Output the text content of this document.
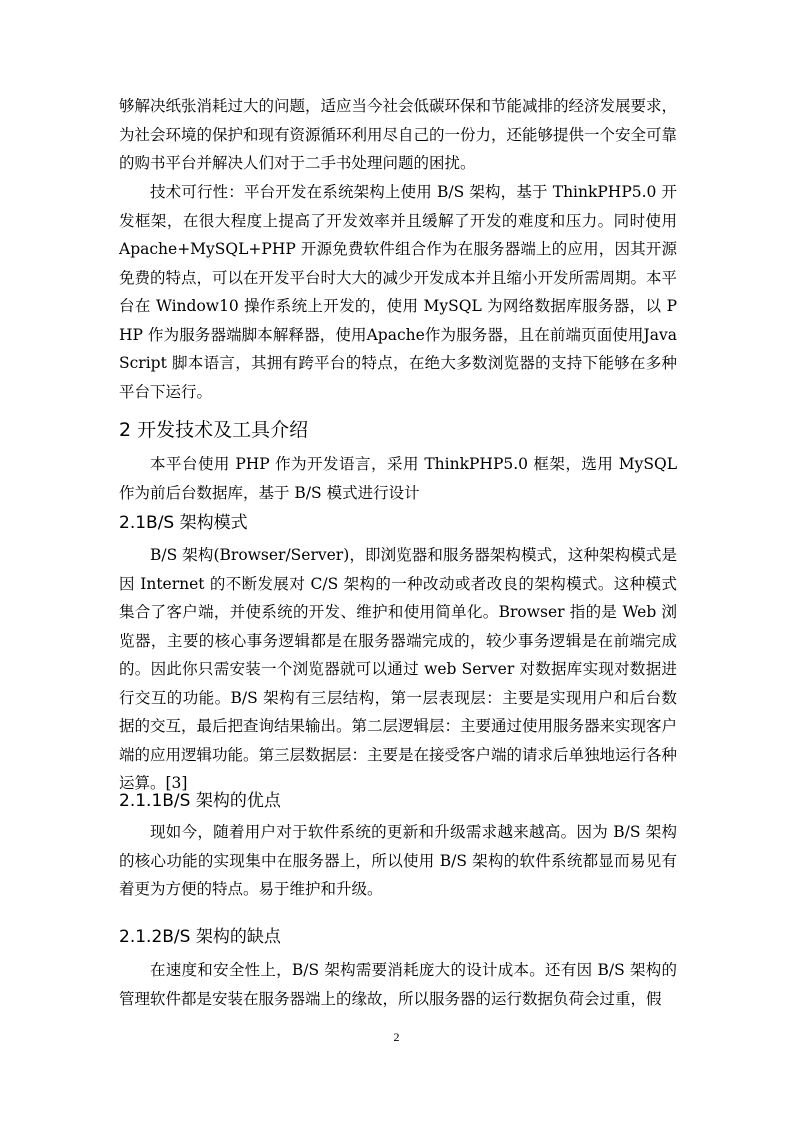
够解决纸张消耗过大的问题，适应当今社会低碳环保和节能减排的经济发展要求，为社会环境的保护和现有资源循环利用尽自己的一份力，还能够提供一个安全可靠的购书平台并解决人们对于二手书处理问题的困扰。

技术可行性：平台开发在系统架构上使用 B/S 架构，基于 ThinkPHP5.0 开发框架，在很大程度上提高了开发效率并且缓解了开发的难度和压力。同时使用 Apache+MySQL+PHP 开源免费软件组合作为在服务器端上的应用，因其开源免费的特点，可以在开发平台时大大的减少开发成本并且缩小开发所需周期。本平台在 Window10 操作系统上开发的，使用 MySQL 为网络数据库服务器，以 PHP 作为服务器端脚本解释器，使用Apache作为服务器，且在前端页面使用JavaScript 脚本语言，其拥有跨平台的特点，在绝大多数浏览器的支持下能够在多种平台下运行。

2 开发技术及工具介绍

本平台使用 PHP 作为开发语言，采用 ThinkPHP5.0 框架，选用 MySQL 作为前后台数据库，基于 B/S 模式进行设计

2.1B/S 架构模式

B/S 架构(Browser/Server)，即浏览器和服务器架构模式，这种架构模式是因 Internet 的不断发展对 C/S 架构的一种改动或者改良的架构模式。这种模式集合了客户端，并使系统的开发、维护和使用简单化。Browser 指的是 Web 浏览器，主要的核心事务逻辑都是在服务器端完成的，较少事务逻辑是在前端完成的。因此你只需安装一个浏览器就可以通过 web Server 对数据库实现对数据进行交互的功能。B/S 架构有三层结构，第一层表现层：主要是实现用户和后台数据的交互，最后把查询结果输出。第二层逻辑层：主要通过使用服务器来实现客户端的应用逻辑功能。第三层数据层：主要是在接受客户端的请求后单独地运行各种运算。[3]

2.1.1B/S 架构的优点

现如今，随着用户对于软件系统的更新和升级需求越来越高。因为 B/S 架构的核心功能的实现集中在服务器上，所以使用 B/S 架构的软件系统都显而易见有着更为方便的特点。易于维护和升级。

2.1.2B/S 架构的缺点

在速度和安全性上，B/S 架构需要消耗庞大的设计成本。还有因 B/S 架构的管理软件都是安装在服务器端上的缘故，所以服务器的运行数据负荷会过重，假

2
